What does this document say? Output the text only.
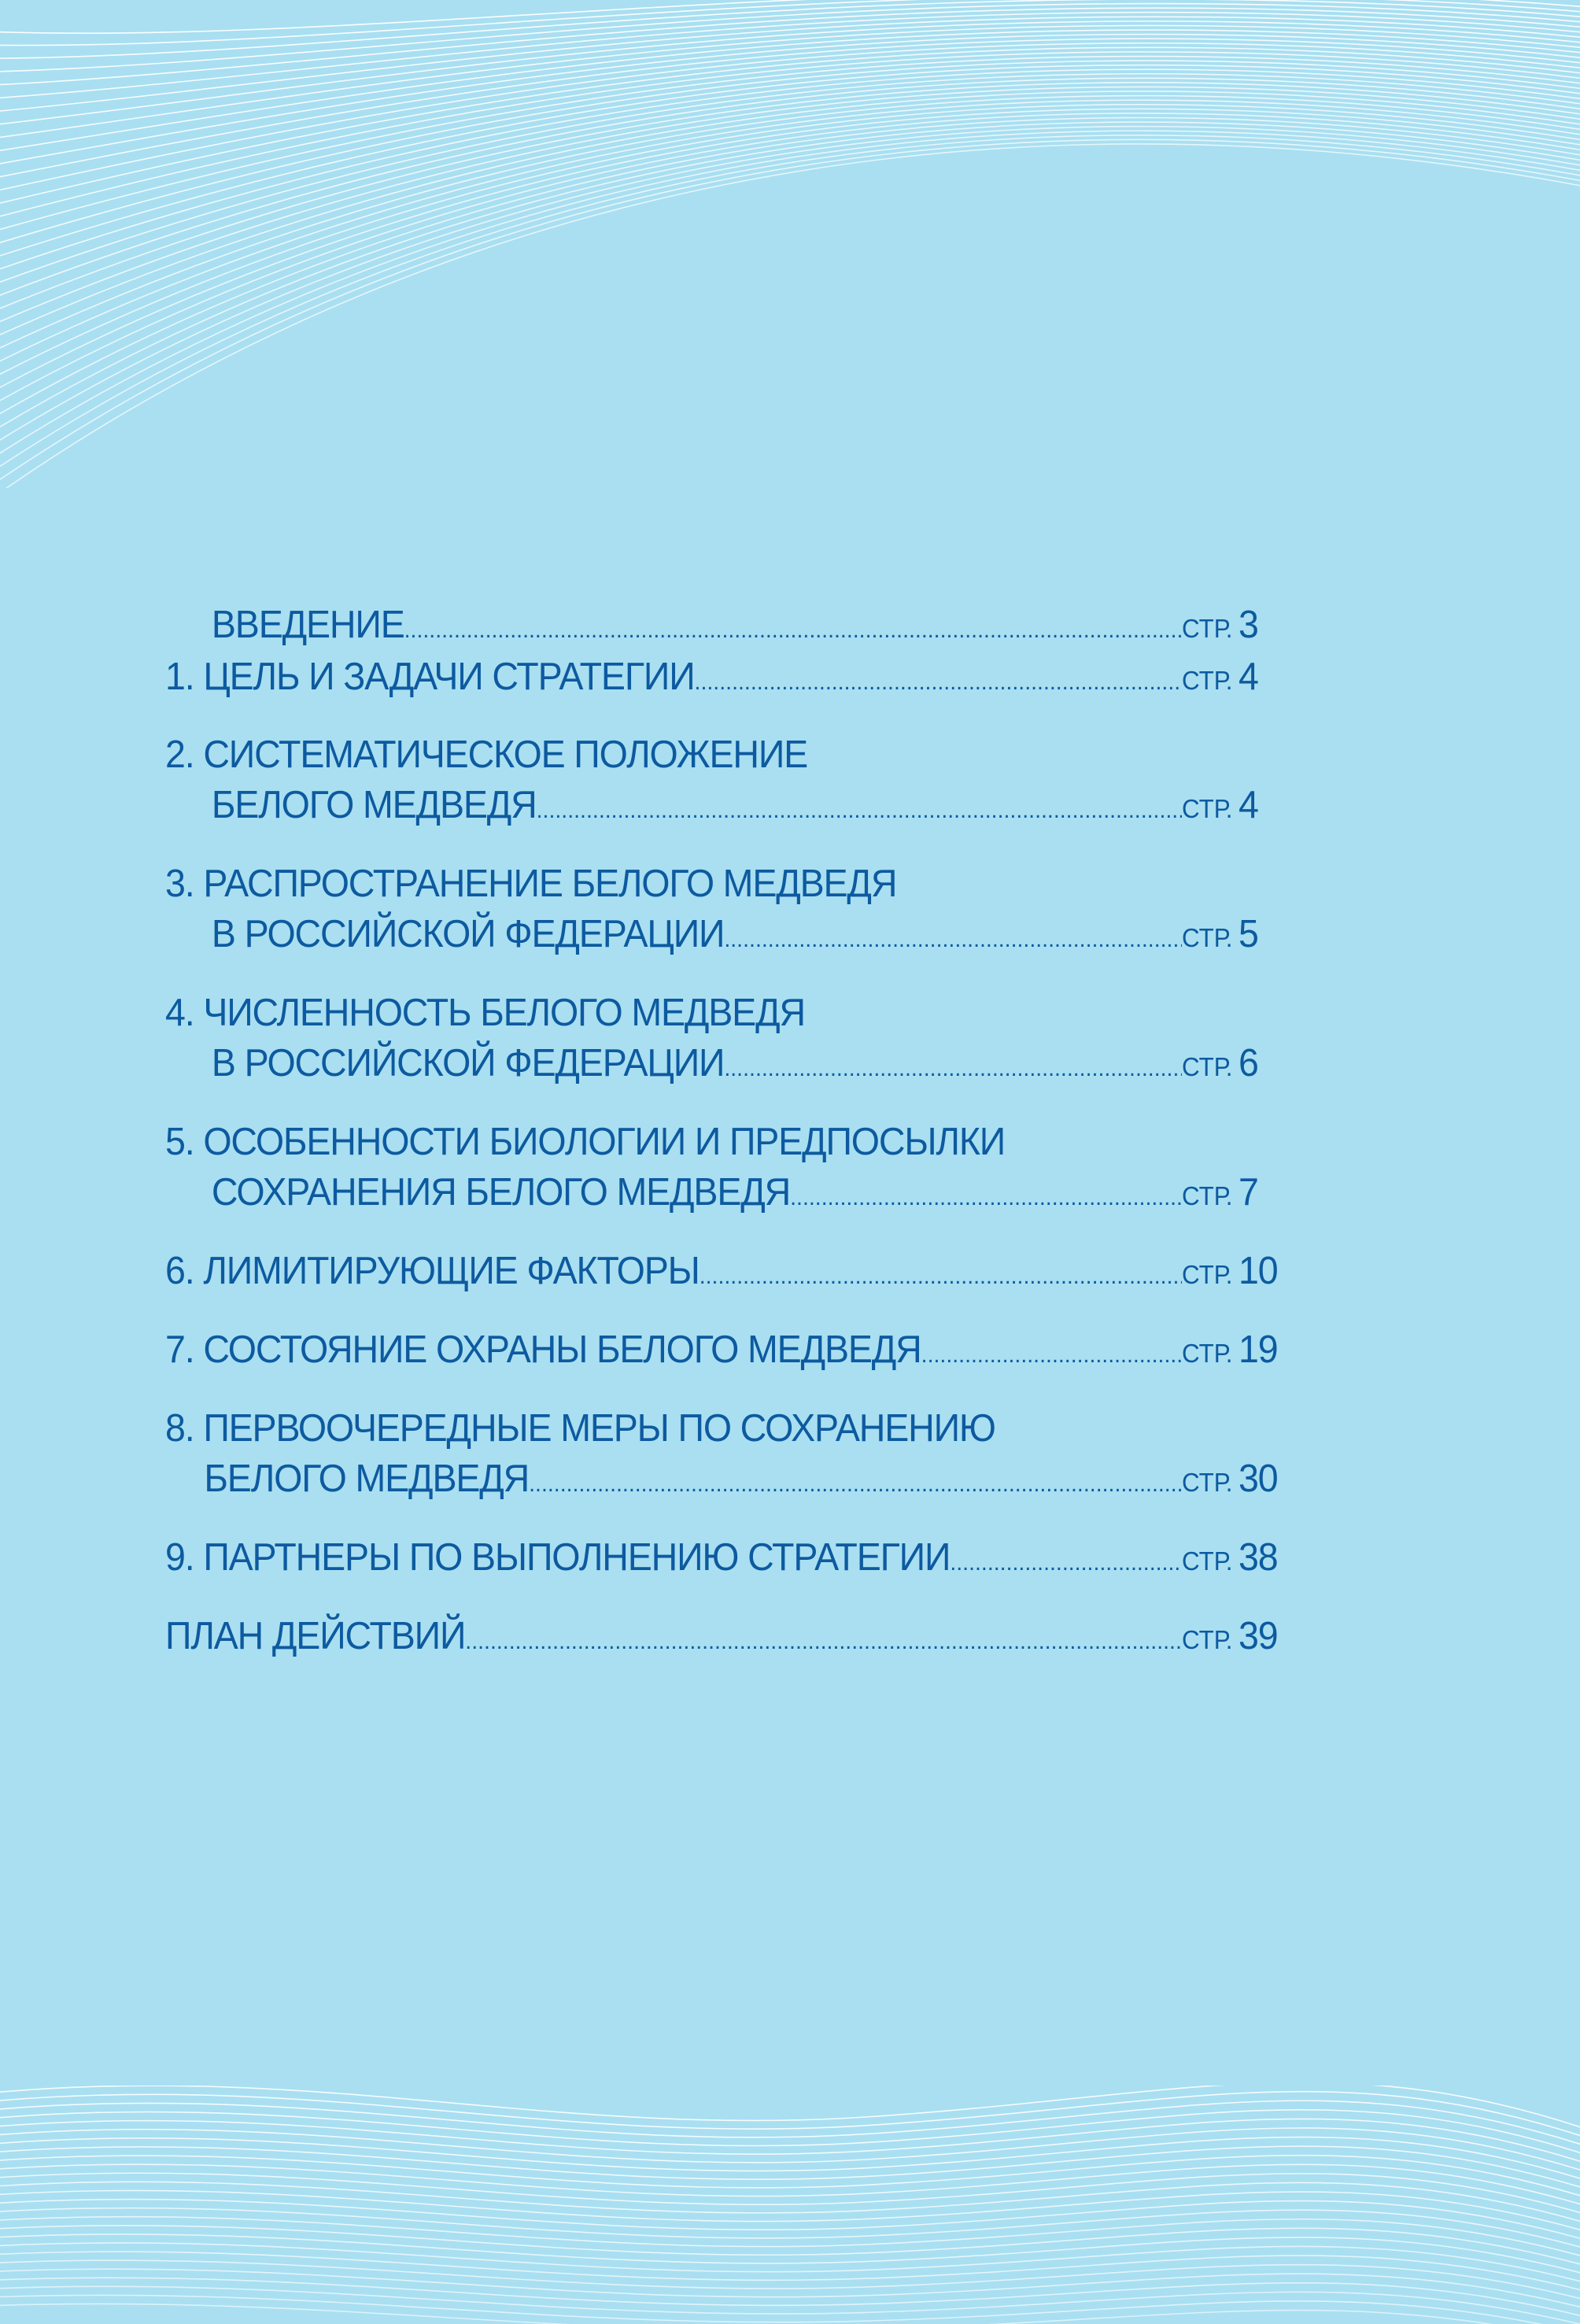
ВВЕДЕНИЕ .....	СТР. 3
1. ЦЕЛЬ И ЗАДАЧИ СТРАТЕГИИ .....	СТР. 4
2. СИСТЕМАТИЧЕСКОЕ ПОЛОЖЕНИЕ
БЕЛОГО МЕДВЕДЯ .....	СТР. 4
3. РАСПРОСТРАНЕНИЕ БЕЛОГО МЕДВЕДЯ
В РОССИЙСКОЙ ФЕДЕРАЦИИ .....	СТР. 5
4. ЧИСЛЕННОСТЬ БЕЛОГО МЕДВЕДЯ
В РОССИЙСКОЙ ФЕДЕРАЦИИ .....	СТР. 6
5. ОСОБЕННОСТИ БИОЛОГИИ И ПРЕДПОСЫЛКИ
СОХРАНЕНИЯ БЕЛОГО МЕДВЕДЯ .....	СТР. 7
6. ЛИМИТИРУЮЩИЕ ФАКТОРЫ .....	СТР. 10
7. СОСТОЯНИЕ ОХРАНЫ БЕЛОГО МЕДВЕДЯ .....	СТР. 19
8. ПЕРВООЧЕРЕДНЫЕ МЕРЫ ПО СОХРАНЕНИЮ
БЕЛОГО МЕДВЕДЯ .....	СТР. 30
9. ПАРТНЕРЫ ПО ВЫПОЛНЕНИЮ СТРАТЕГИИ .....	СТР. 38
ПЛАН ДЕЙСТВИЙ .....	СТР. 39
